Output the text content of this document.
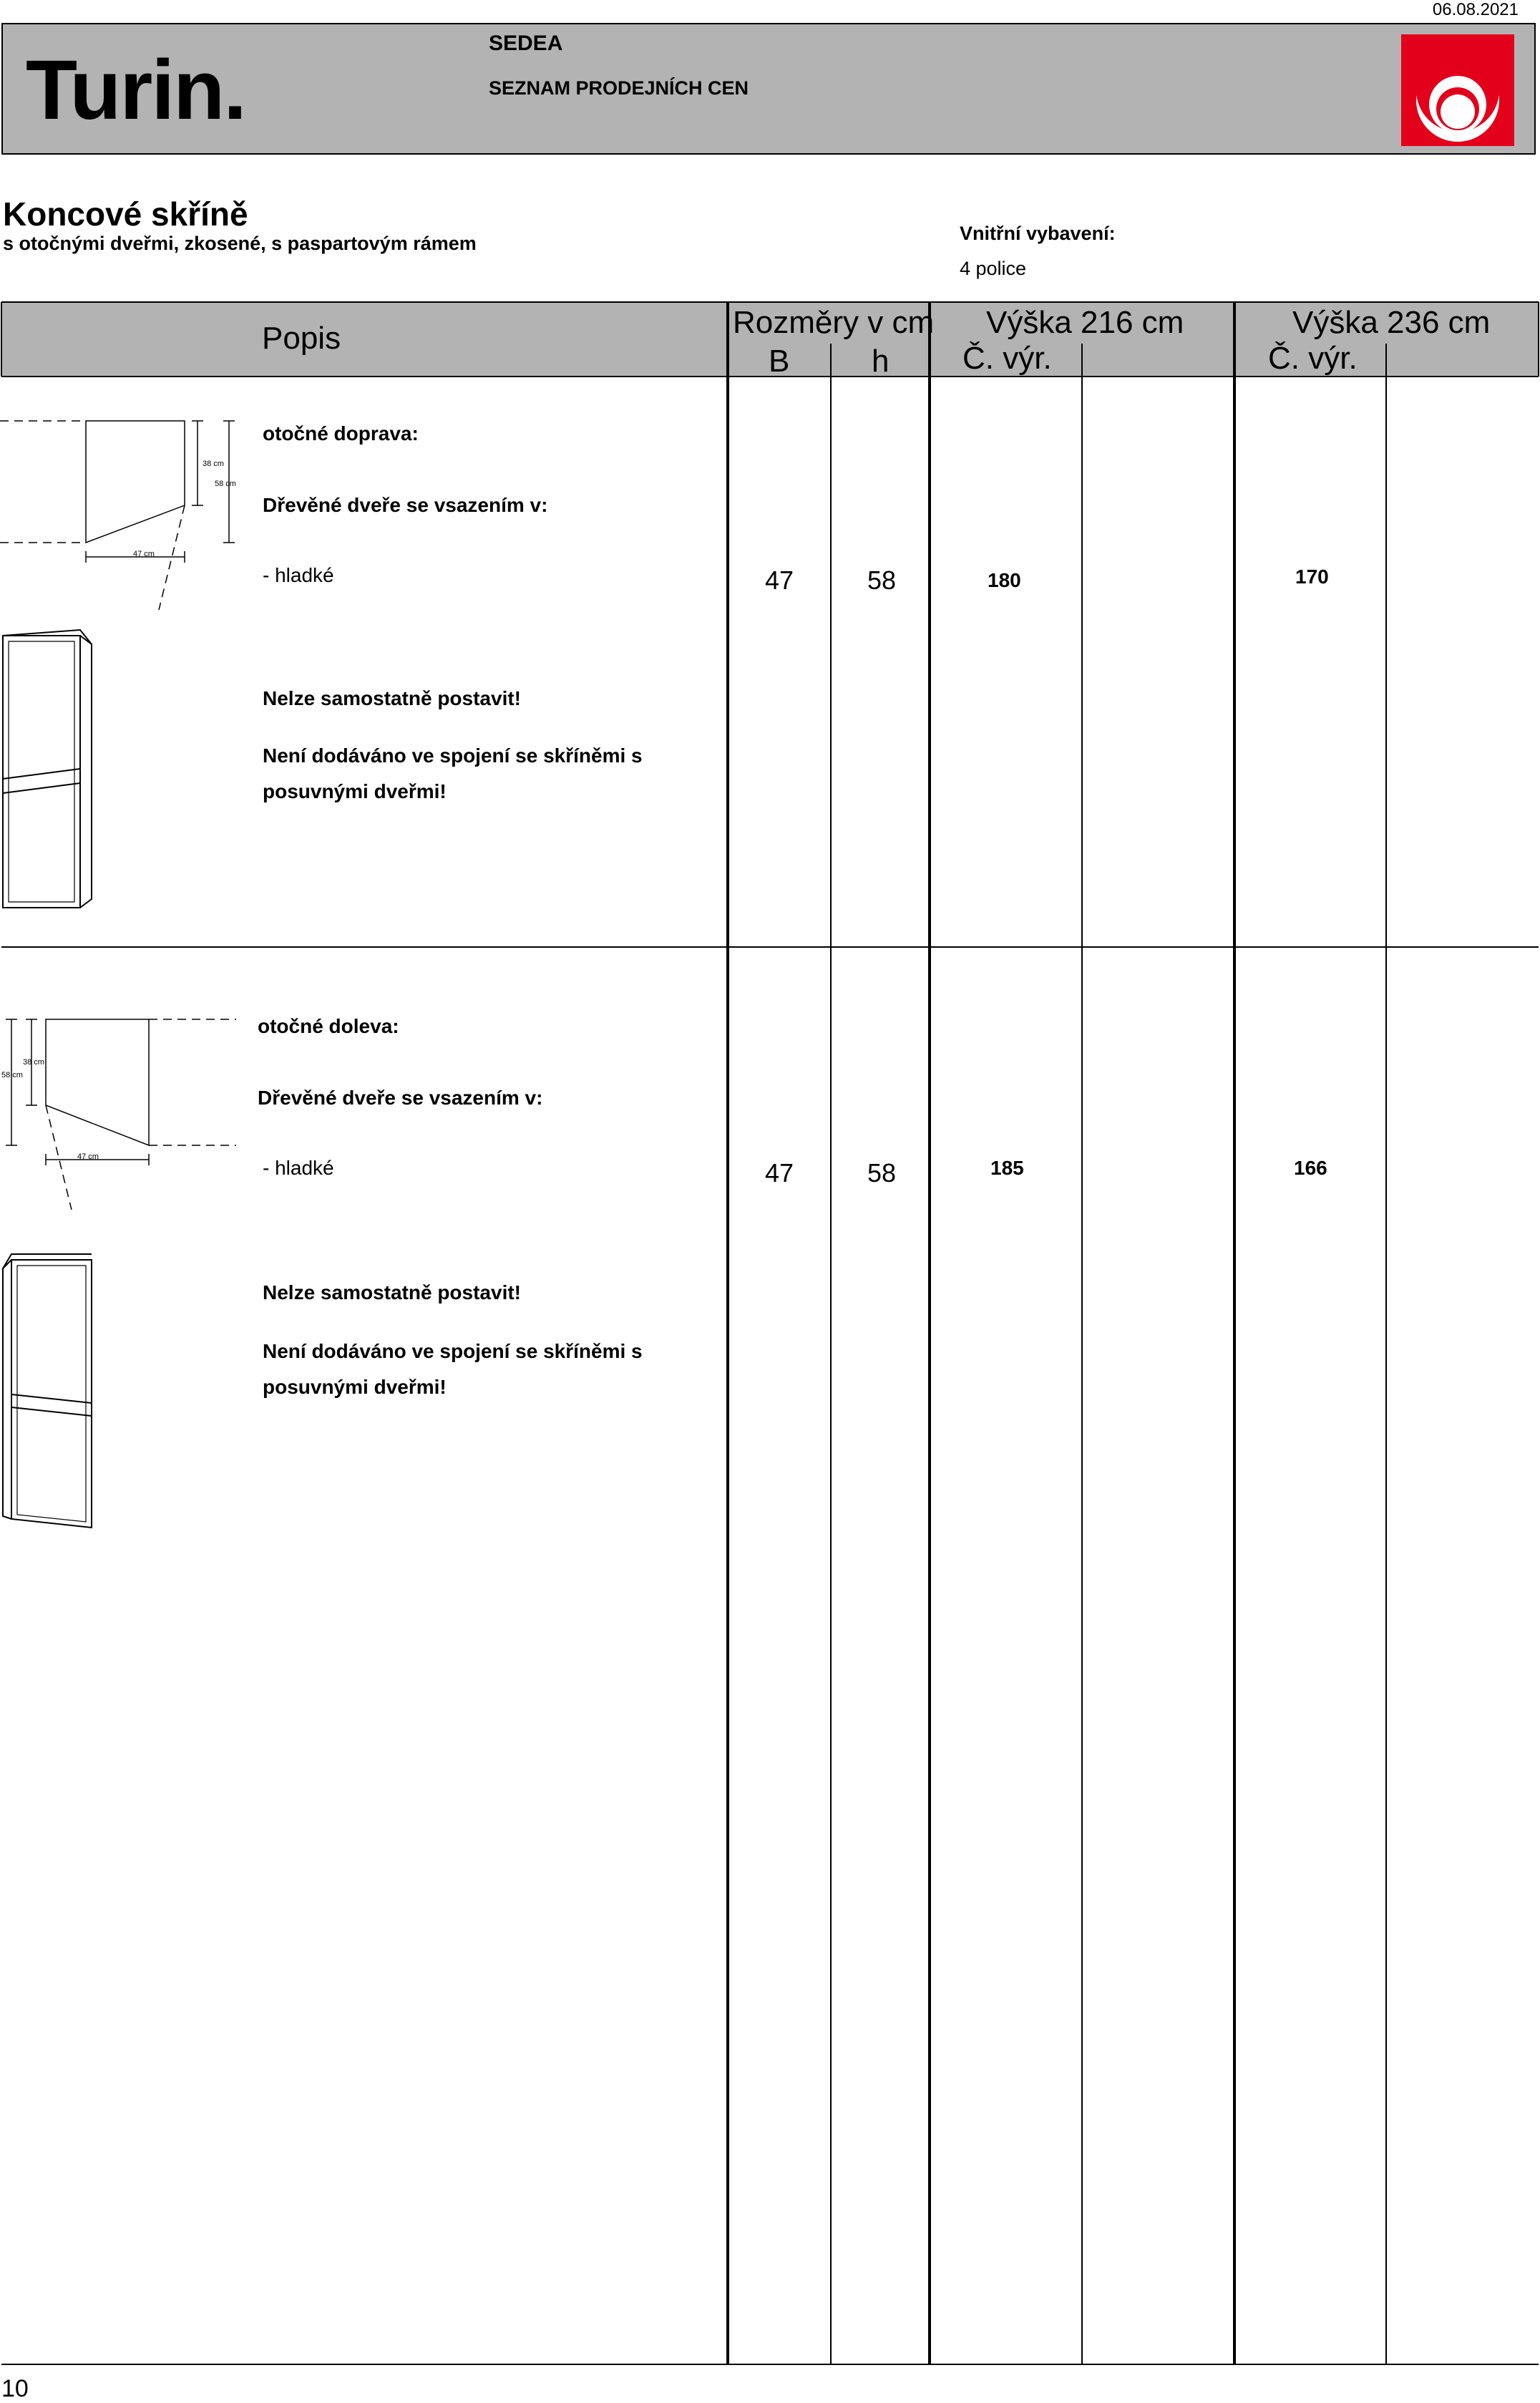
06.08.2021
Turin.	SEDEA
SEZNAM PRODEJNÍCH CEN
Koncové skříně
s otočnými dveřmi, zkosené, s paspartovým rámem	Vnitřní vybavení:
4 police
Popis	Rozměry v cm
B	h
Výška 216 cm	Výška 236 cm
Č. výr.	Č. výr.
38 cm
58 cm
47 cm
otočné doprava:
Dřevěné dveře se vsazením v:
- hladké	47	58	180	170
Nelze samostatně postavit!
Není dodáváno ve spojení se skříněmi s
posuvnými dveřmi!
58 cm
38 cm
47 cm
otočné doleva:
Dřevěné dveře se vsazením v:
- hladké	47	58	185	166
Nelze samostatně postavit!
Není dodáváno ve spojení se skříněmi s
posuvnými dveřmi!
10
